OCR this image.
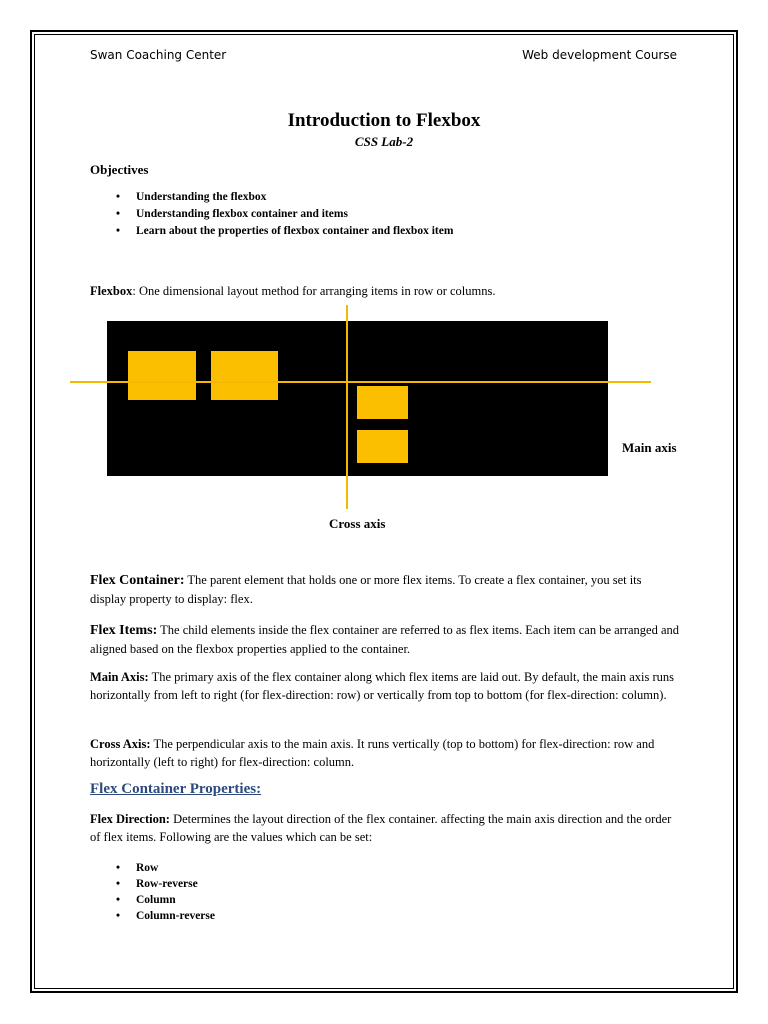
Swan Coaching Center	Web development Course
Introduction to Flexbox
CSS Lab-2
Objectives
• Understanding the flexbox
• Understanding flexbox container and items
• Learn about the properties of flexbox container and flexbox item
Flexbox: One dimensional layout method for arranging items in row or columns.
Main axis
Cross axis
Flex Container: The parent element that holds one or more flex items. To create a flex container, you set its display property to display: flex.
Flex Items: The child elements inside the flex container are referred to as flex items. Each item can be arranged and aligned based on the flexbox properties applied to the container.
Main Axis: The primary axis of the flex container along which flex items are laid out. By default, the main axis runs horizontally from left to right (for flex-direction: row) or vertically from top to bottom (for flex-direction: column).
Cross Axis: The perpendicular axis to the main axis. It runs vertically (top to bottom) for flex-direction: row and horizontally (left to right) for flex-direction: column.
Flex Container Properties:
Flex Direction: Determines the layout direction of the flex container. affecting the main axis direction and the order of flex items. Following are the values which can be set:
• Row
• Row-reverse
• Column
• Column-reverse
